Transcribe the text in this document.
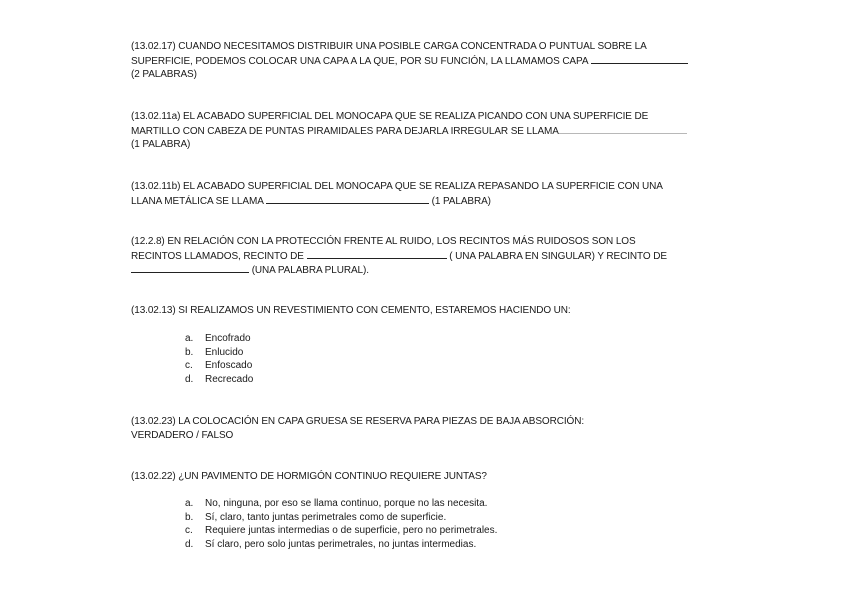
(13.02.17) CUANDO NECESITAMOS DISTRIBUIR UNA POSIBLE CARGA CONCENTRADA O PUNTUAL SOBRE LA
SUPERFICIE, PODEMOS COLOCAR UNA CAPA A LA QUE, POR SU FUNCIÓN, LA LLAMAMOS CAPA
(2 PALABRAS)
(13.02.11a) EL ACABADO SUPERFICIAL DEL MONOCAPA QUE SE REALIZA PICANDO CON UNA SUPERFICIE DE
MARTILLO CON CABEZA DE PUNTAS PIRAMIDALES PARA DEJARLA IRREGULAR SE LLAMA
(1 PALABRA)
(13.02.11b) EL ACABADO SUPERFICIAL DEL MONOCAPA QUE SE REALIZA REPASANDO LA SUPERFICIE CON UNA
LLANA METÁLICA SE LLAMA	(1 PALABRA)
(12.2.8) EN RELACIÓN CON LA PROTECCIÓN FRENTE AL RUIDO, LOS RECINTOS MÁS RUIDOSOS SON LOS
RECINTOS LLAMADOS, RECINTO DE	( UNA PALABRA EN SINGULAR) Y RECINTO DE
(UNA PALABRA PLURAL).
(13.02.13) SI REALIZAMOS UN REVESTIMIENTO CON CEMENTO, ESTAREMOS HACIENDO UN:
a. Encofrado
b. Enlucido
c. Enfoscado
d. Recrecado
(13.02.23) LA COLOCACIÓN EN CAPA GRUESA SE RESERVA PARA PIEZAS DE BAJA ABSORCIÓN:
VERDADERO / FALSO
(13.02.22) ¿UN PAVIMENTO DE HORMIGÓN CONTINUO REQUIERE JUNTAS?
a. No, ninguna, por eso se llama continuo, porque no las necesita.
b. Sí, claro, tanto juntas perimetrales como de superficie.
c. Requiere juntas intermedias o de superficie, pero no perimetrales.
d. Sí claro, pero solo juntas perimetrales, no juntas intermedias.
